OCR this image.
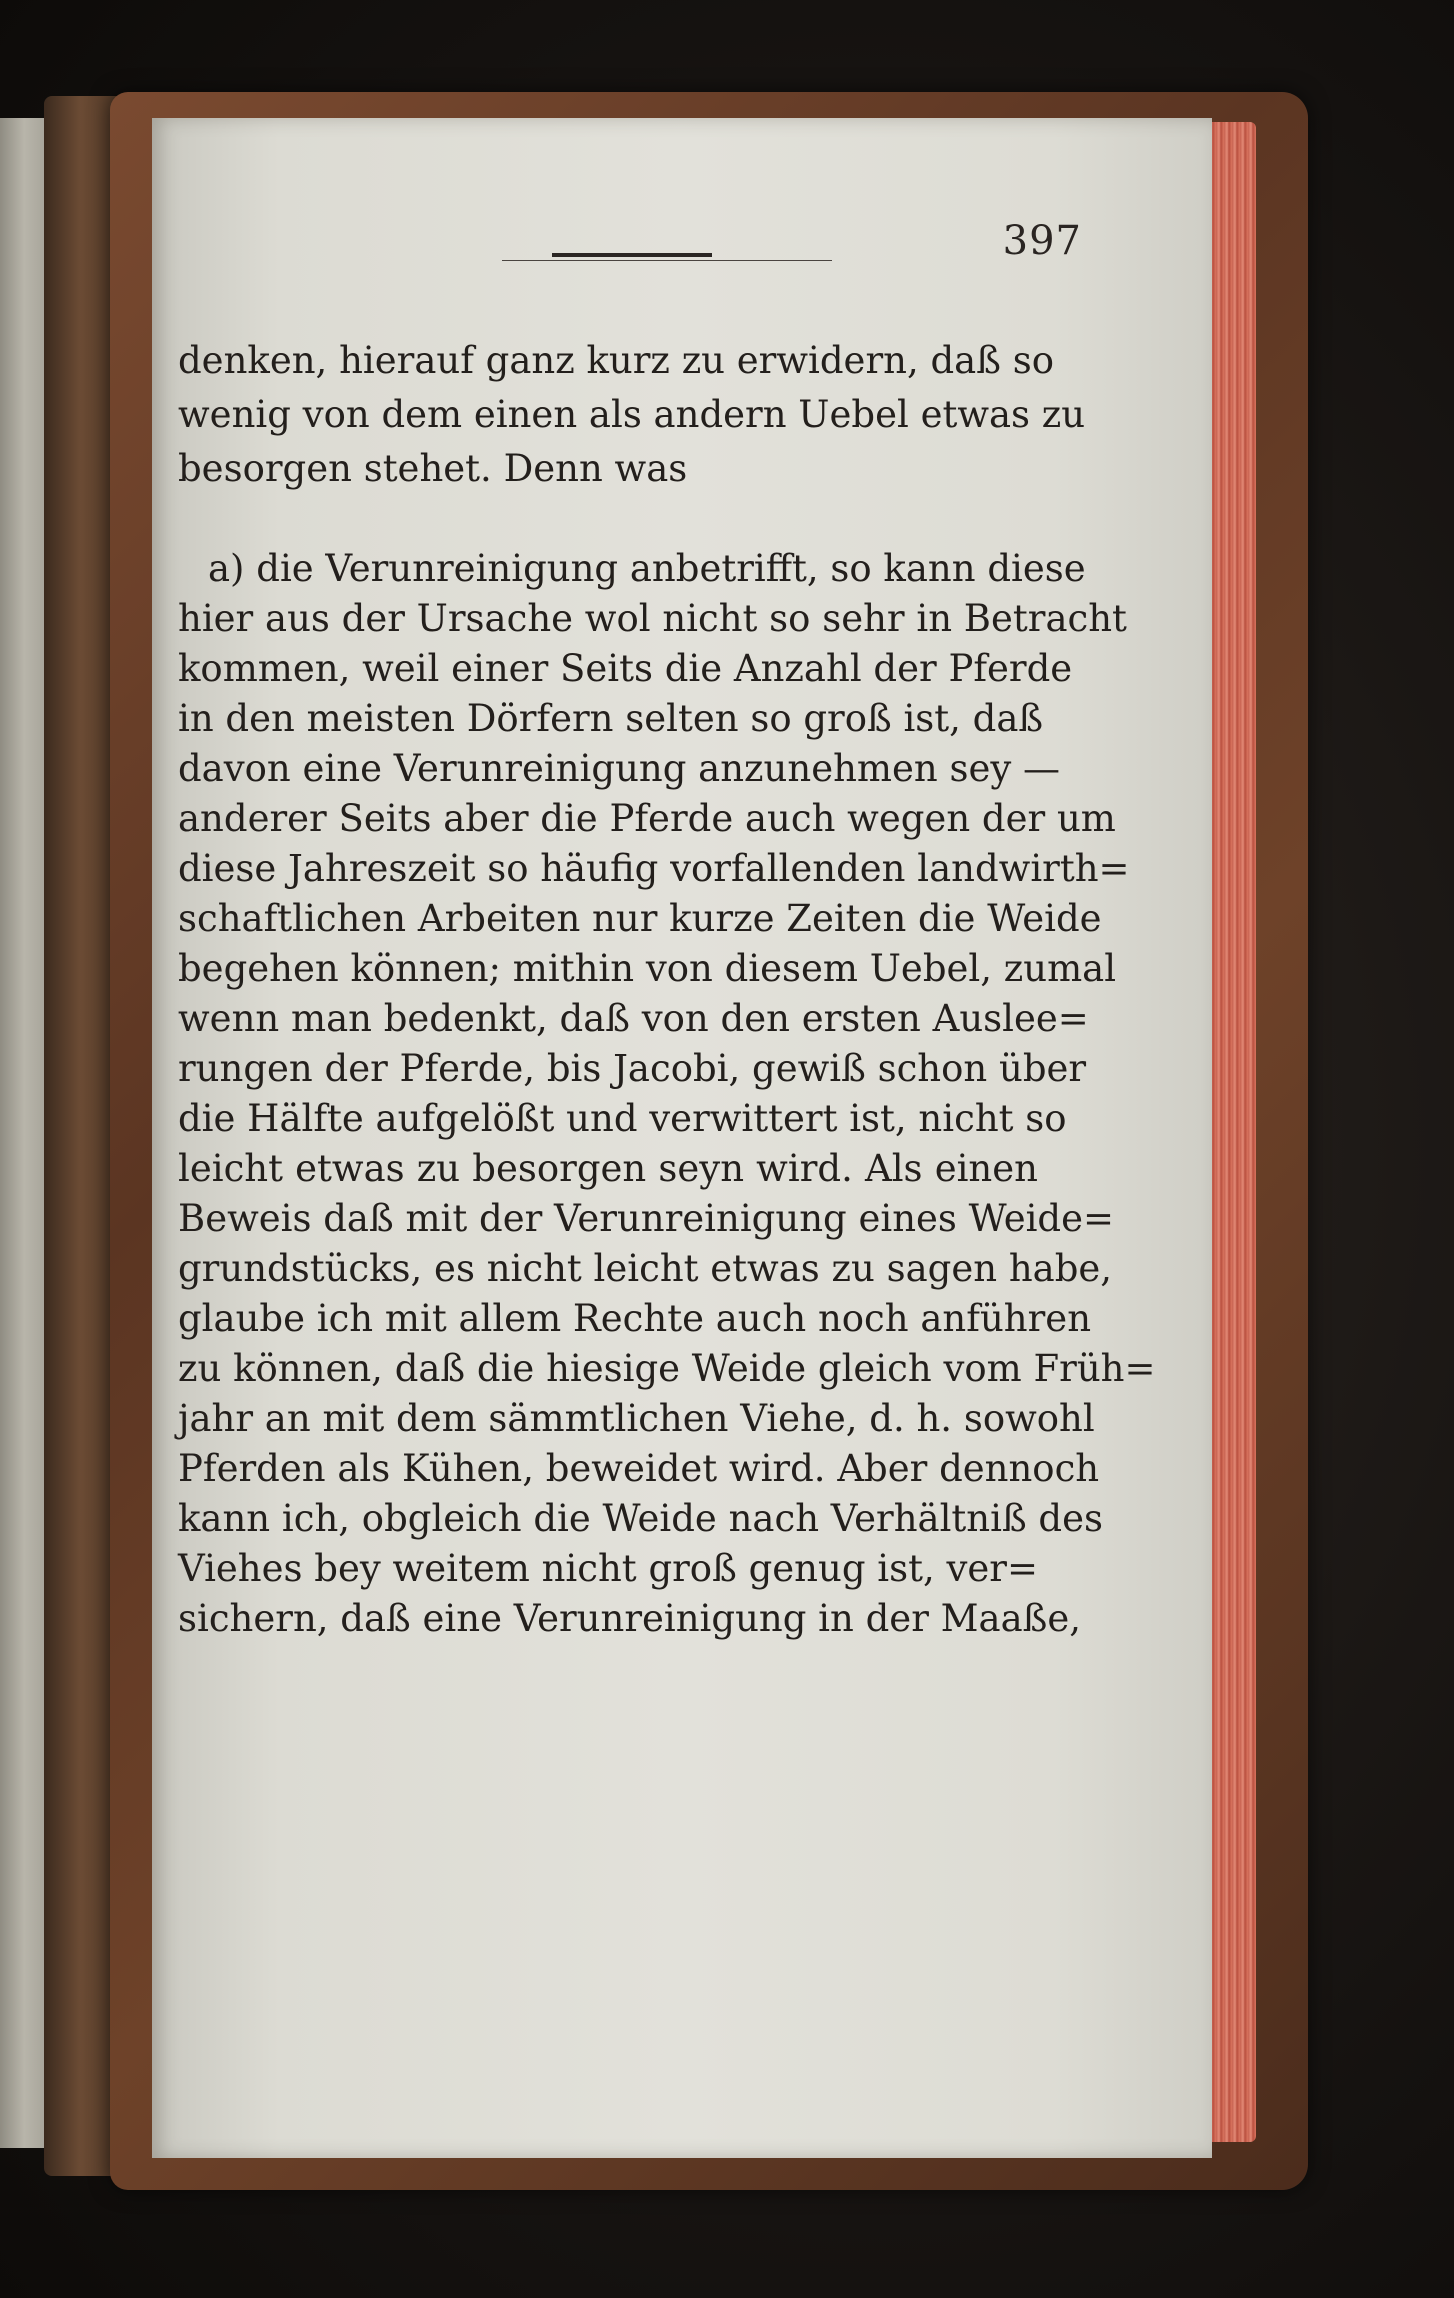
397
denken, hierauf ganz kurz zu erwidern, daß so
wenig von dem einen als andern Uebel etwas zu
besorgen stehet. Denn was
a) die Verunreinigung anbetrifft, so kann diese
hier aus der Ursache wol nicht so sehr in Betracht
kommen, weil einer Seits die Anzahl der Pferde
in den meisten Dörfern selten so groß ist, daß
davon eine Verunreinigung anzunehmen sey —
anderer Seits aber die Pferde auch wegen der um
diese Jahreszeit so häufig vorfallenden landwirth=
schaftlichen Arbeiten nur kurze Zeiten die Weide
begehen können; mithin von diesem Uebel, zumal
wenn man bedenkt, daß von den ersten Auslee=
rungen der Pferde, bis Jacobi, gewiß schon über
die Hälfte aufgelößt und verwittert ist, nicht so
leicht etwas zu besorgen seyn wird. Als einen
Beweis daß mit der Verunreinigung eines Weide=
grundstücks, es nicht leicht etwas zu sagen habe,
glaube ich mit allem Rechte auch noch anführen
zu können, daß die hiesige Weide gleich vom Früh=
jahr an mit dem sämmtlichen Viehe, d. h. sowohl
Pferden als Kühen, beweidet wird. Aber dennoch
kann ich, obgleich die Weide nach Verhältniß des
Viehes bey weitem nicht groß genug ist, ver=
sichern, daß eine Verunreinigung in der Maaße,
